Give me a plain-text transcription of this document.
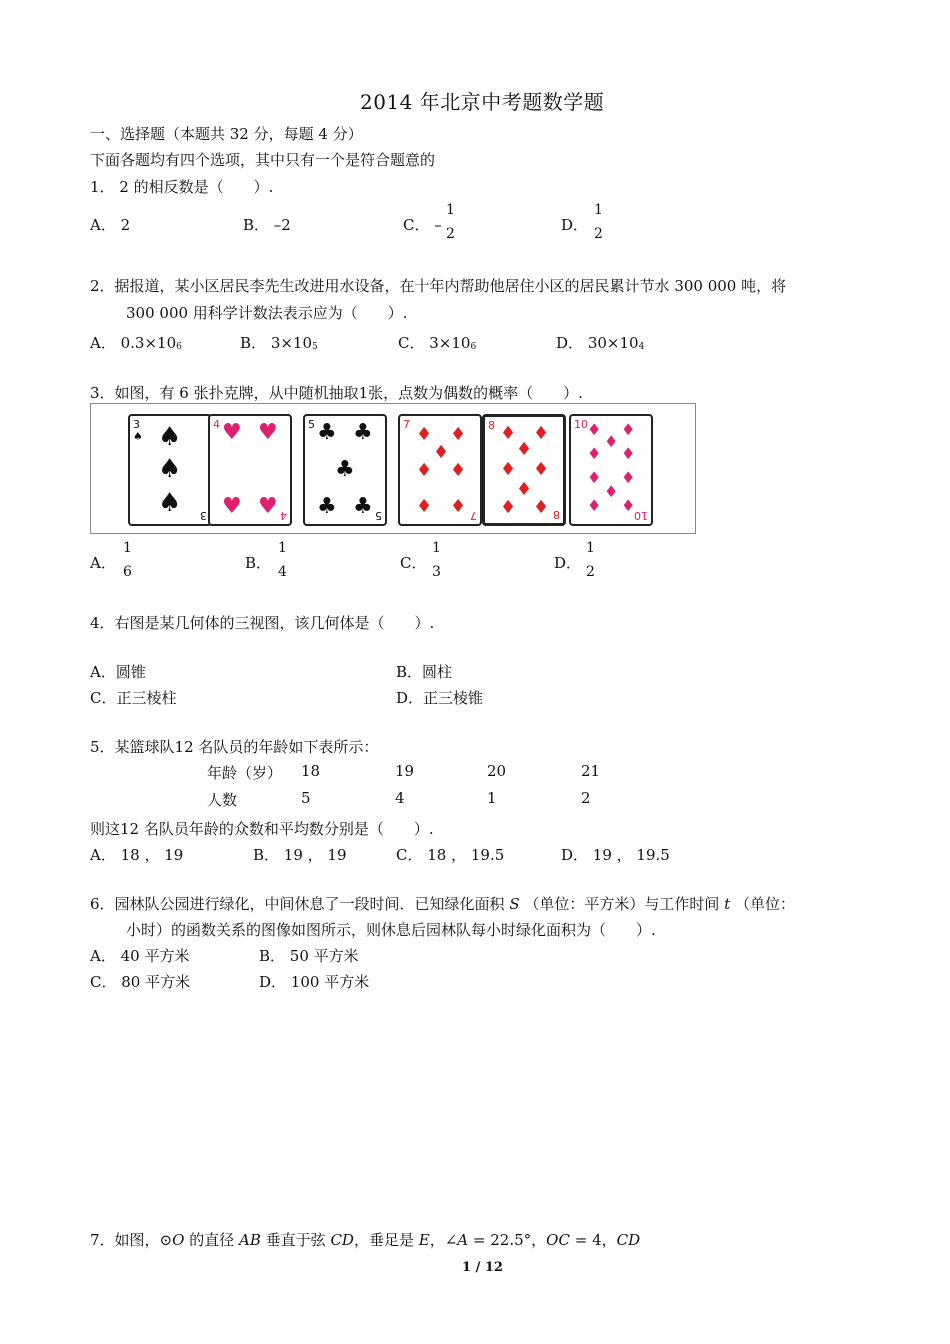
2014 年北京中考题数学题
一、选择题（本题共 32 分，每题 4 分）
下面各题均有四个选项，其中只有一个是符合题意的
1． 2 的相反数是（　　）.
A． 2	B． –2	C． –
1
2	D．
1
2
2．据报道，某小区居民李先生改进用水设备，在十年内帮助他居住小区的居民累计节水 300 000 吨，将
300 000 用科学计数法表示应为（　　）.
A． $0.3\times 10^6$	B． $3\times 10^5$	C． $3\times 10^6$	D． $30\times 10^4$
3．如图，有 6 张扑克牌，从中随机抽取1张，点数为偶数的概率（　　）.
3
♠ ♠
♠
♠ 3
4 ♥ ♥
♥ ♥ 4
5 ♣ ♣
♣
♣ ♣ 5
7 ♦ ♦
♦
♦ ♦
♦ ♦ 7
8 ♦ ♦
♦
♦ ♦
♦
♦ ♦ 8
10 ♦ ♦
♦
♦ ♦
♦ ♦
♦
♦ ♦
10
A．
1
6	B．
1
4	C．
1
3	D．
1
2
4．右图是某几何体的三视图，该几何体是（　　）.
A．圆锥	B．圆柱
C．正三棱柱	D．正三棱锥
5．某篮球队12 名队员的年龄如下表所示：
年龄（岁） 18	19	20	21
人数	5	4	1	2
则这12 名队员年龄的众数和平均数分别是（　　）.
A． 18 ， 19	B． 19 ， 19	C． 18 ， 19.5	D． 19 ， 19.5
6．园林队公园进行绿化，中间休息了一段时间．已知绿化面积 S （单位：平方米）与工作时间 t （单位：
小时）的函数关系的图像如图所示，则休息后园林队每小时绿化面积为（　　）.
A． 40 平方米	B． 50 平方米
C． 80 平方米	D． 100 平方米
7．如图，⊙O 的直径 AB 垂直于弦 CD，垂足是 E，∠A = 22.5°，OC = 4，CD
1 / 12
